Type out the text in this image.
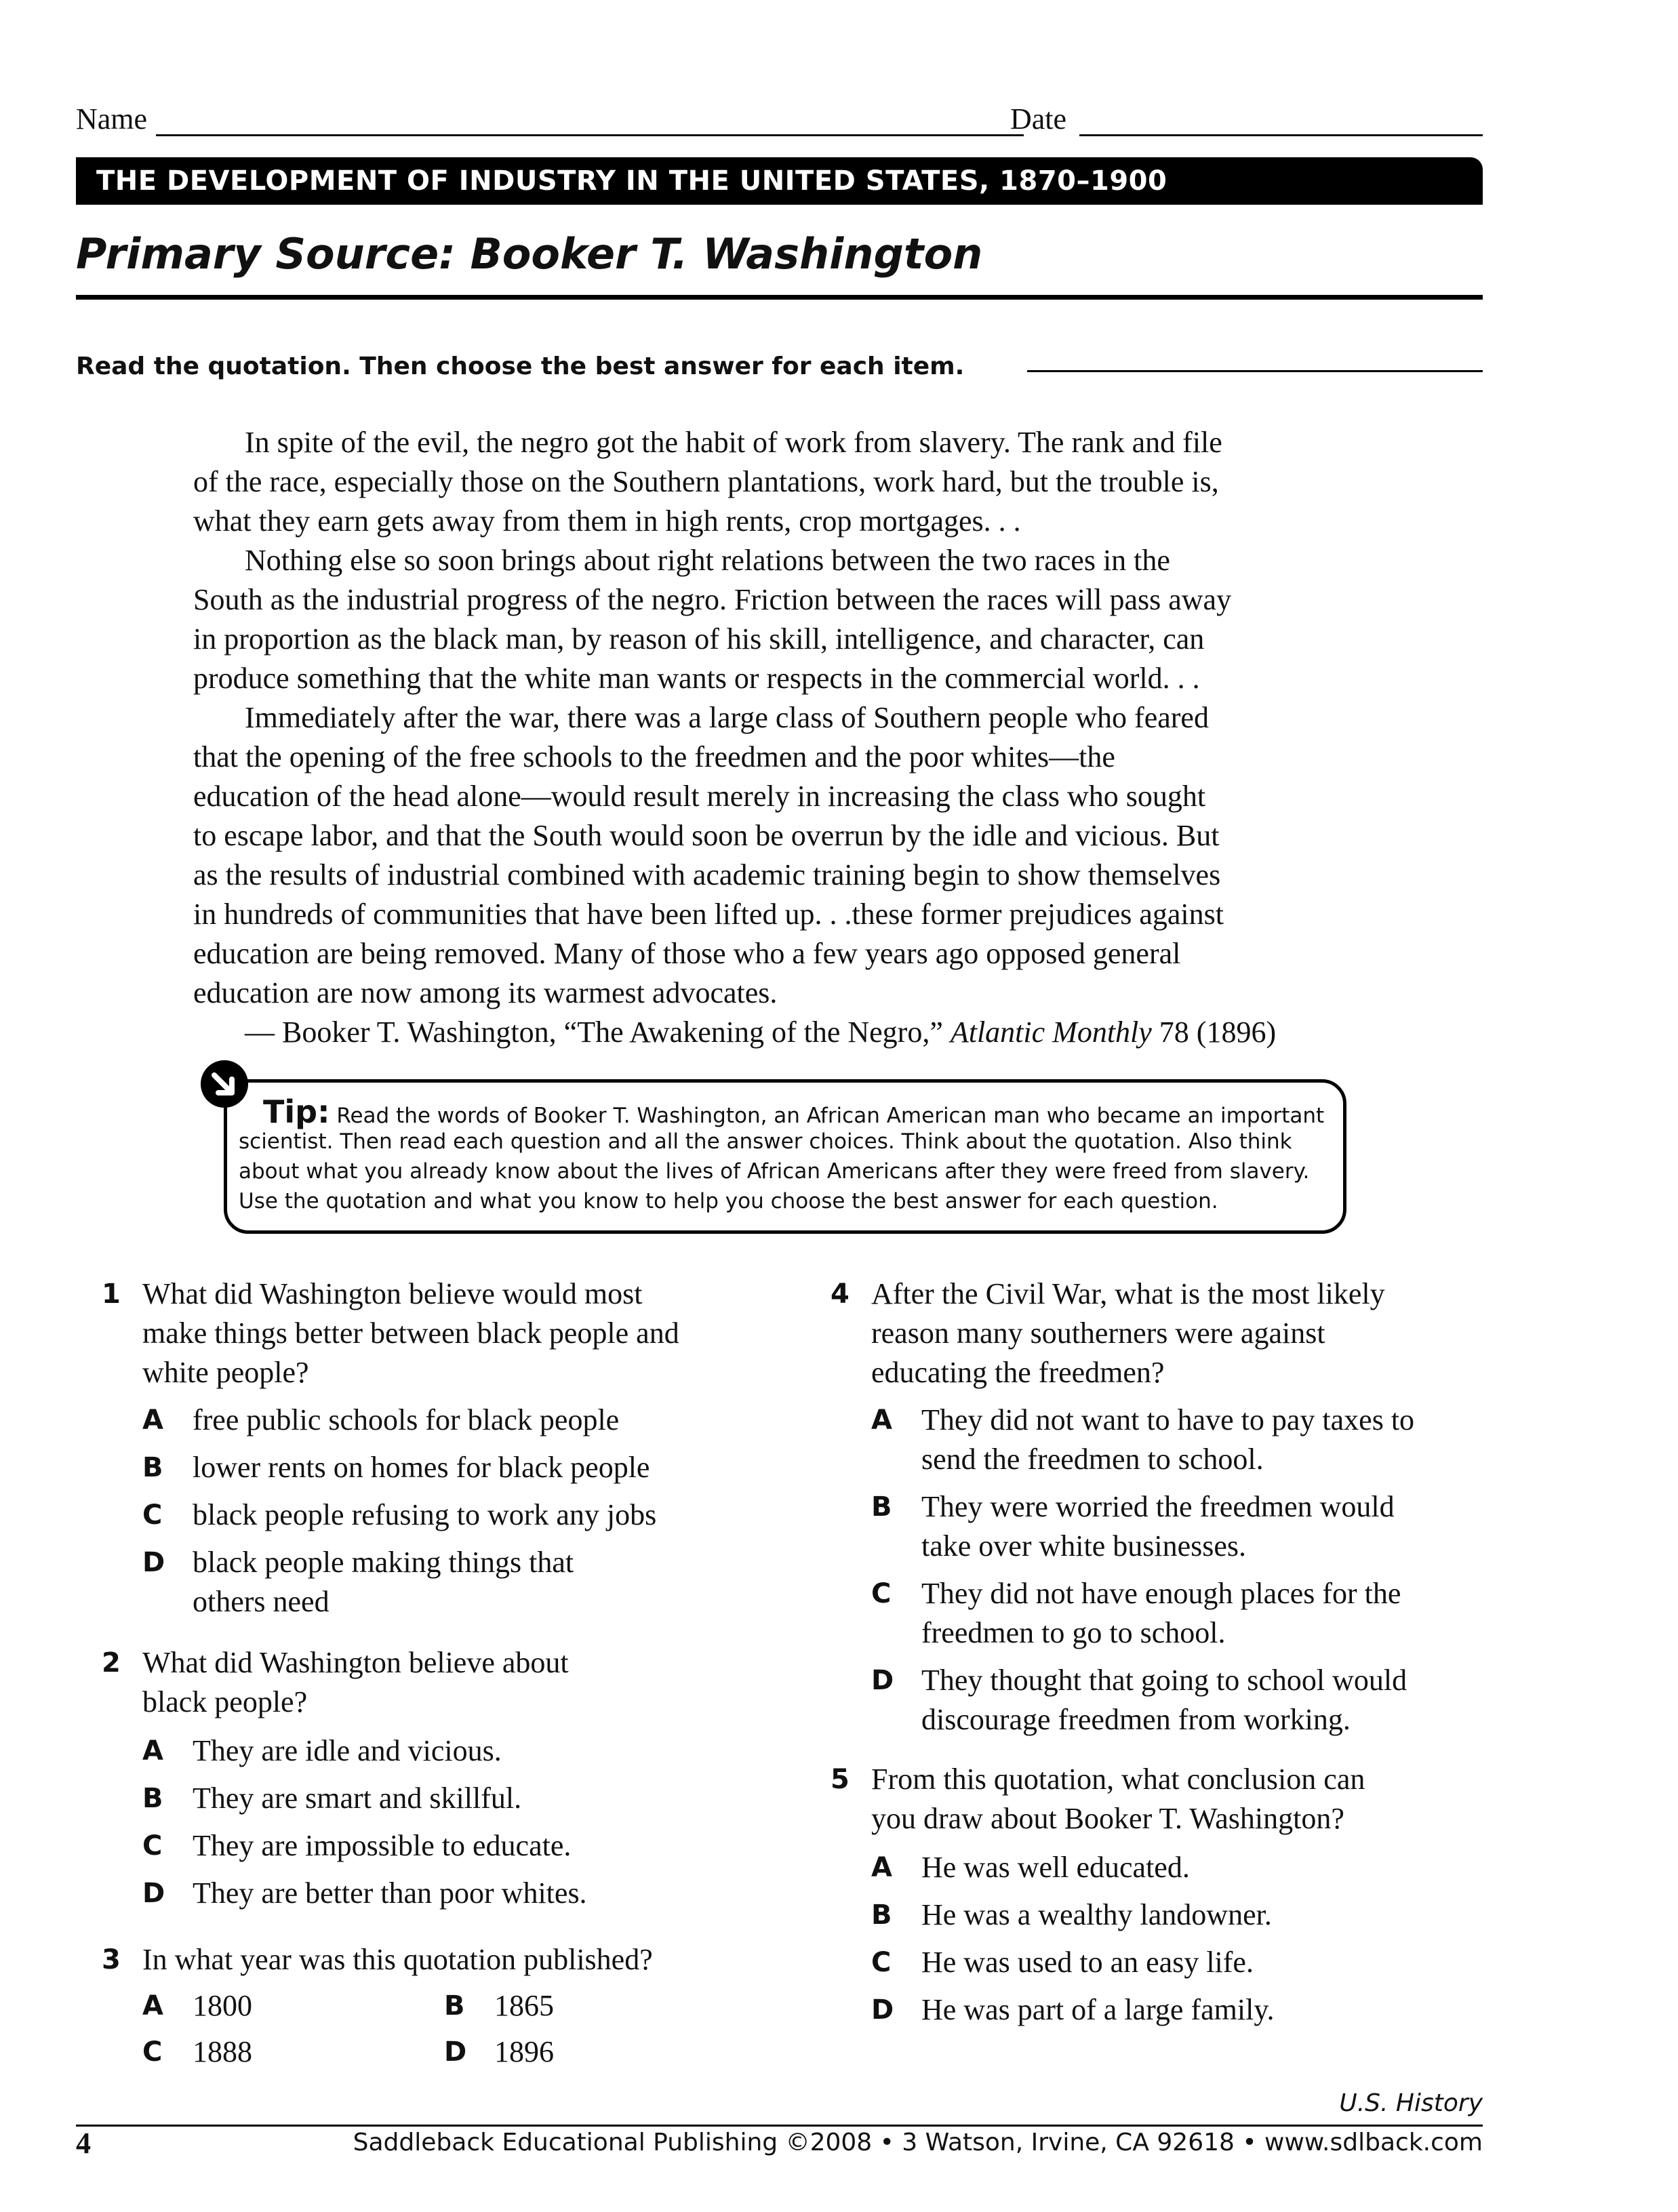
Name	Date
THE DEVELOPMENT OF INDUSTRY IN THE UNITED STATES, 1870–1900
Primary Source: Booker T. Washington
Read the quotation. Then choose the best answer for each item.
In spite of the evil, the negro got the habit of work from slavery. The rank and file
of the race, especially those on the Southern plantations, work hard, but the trouble is,
what they earn gets away from them in high rents, crop mortgages. . .
Nothing else so soon brings about right relations between the two races in the
South as the industrial progress of the negro. Friction between the races will pass away
in proportion as the black man, by reason of his skill, intelligence, and character, can
produce something that the white man wants or respects in the commercial world. . .
Immediately after the war, there was a large class of Southern people who feared
that the opening of the free schools to the freedmen and the poor whites—the
education of the head alone—would result merely in increasing the class who sought
to escape labor, and that the South would soon be overrun by the idle and vicious. But
as the results of industrial combined with academic training begin to show themselves
in hundreds of communities that have been lifted up. . .these former prejudices against
education are being removed. Many of those who a few years ago opposed general
education are now among its warmest advocates.
— Booker T. Washington, “The Awakening of the Negro,” Atlantic Monthly 78 (1896)
Tip: Read the words of Booker T. Washington, an African American man who became an important
scientist. Then read each question and all the answer choices. Think about the quotation. Also think
about what you already know about the lives of African Americans after they were freed from slavery.
Use the quotation and what you know to help you choose the best answer for each question.
1 What did Washington believe would most
make things better between black people and
white people?
A free public schools for black people
B lower rents on homes for black people
C black people refusing to work any jobs
D black people making things that
others need
2 What did Washington believe about
black people?
A They are idle and vicious.
B They are smart and skillful.
C They are impossible to educate.
D They are better than poor whites.
3 In what year was this quotation published?
A 1800	B 1865
C 1888	D 1896
4 After the Civil War, what is the most likely
reason many southerners were against
educating the freedmen?
A They did not want to have to pay taxes to
send the freedmen to school.
B They were worried the freedmen would
take over white businesses.
C They did not have enough places for the
freedmen to go to school.
D They thought that going to school would
discourage freedmen from working.
5 From this quotation, what conclusion can
you draw about Booker T. Washington?
A He was well educated.
B He was a wealthy landowner.
C He was used to an easy life.
D He was part of a large family.
U.S. History
4	Saddleback Educational Publishing ©2008 • 3 Watson, Irvine, CA 92618 • www.sdlback.com
